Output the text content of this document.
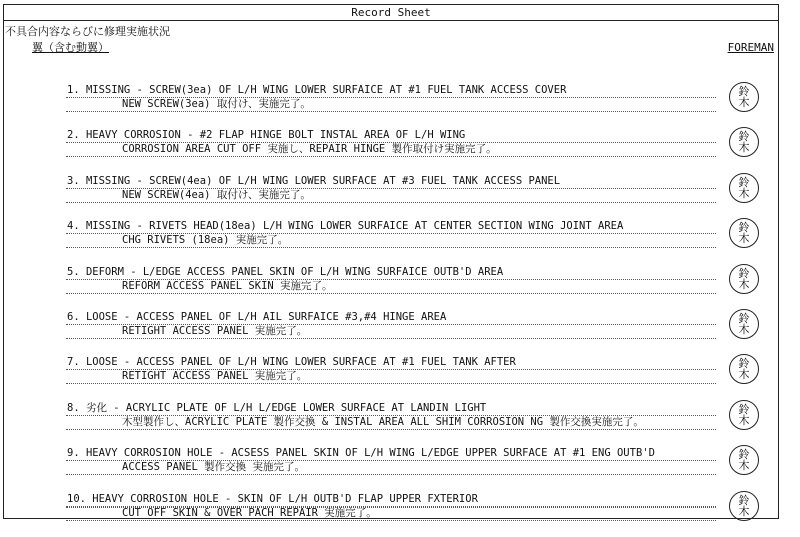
Record Sheet
不具合内容ならびに修理実施状況
翼（含む動翼）	FOREMAN
1. MISSING - SCREW(3ea) OF L/H WING LOWER SURFAICE AT #1 FUEL TANK ACCESS COVER
NEW SCREW(3ea) 取付け、実施完了。
鈴
木
2. HEAVY CORROSION - #2 FLAP HINGE BOLT INSTAL AREA OF L/H WING
CORROSION AREA CUT OFF 実施し、REPAIR HINGE 製作取付け実施完了。
鈴
木
3. MISSING - SCREW(4ea) OF L/H WING LOWER SURFACE AT #3 FUEL TANK ACCESS PANEL
NEW SCREW(4ea) 取付け、実施完了。
鈴
木
4. MISSING - RIVETS HEAD(18ea) L/H WING LOWER SURFAICE AT CENTER SECTION WING JOINT AREA
CHG RIVETS (18ea) 実施完了。
鈴
木
5. DEFORM - L/EDGE ACCESS PANEL SKIN OF L/H WING SURFAICE OUTB'D AREA
REFORM ACCESS PANEL SKIN 実施完了。
鈴
木
6. LOOSE - ACCESS PANEL OF L/H AIL SURFAICE #3,#4 HINGE AREA
RETIGHT ACCESS PANEL 実施完了。
鈴
木
7. LOOSE - ACCESS PANEL OF L/H WING LOWER SURFACE AT #1 FUEL TANK AFTER
RETIGHT ACCESS PANEL 実施完了。
鈴
木
8. 劣化 - ACRYLIC PLATE OF L/H L/EDGE LOWER SURFACE AT LANDIN LIGHT
木型製作し、ACRYLIC PLATE 製作交換 & INSTAL AREA ALL SHIM CORROSION NG 製作交換実施完了。
鈴
木
9. HEAVY CORROSION HOLE - ACSESS PANEL SKIN OF L/H WING L/EDGE UPPER SURFACE AT #1 ENG OUTB'D
ACCESS PANEL 製作交換 実施完了。
鈴
木
10. HEAVY CORROSION HOLE - SKIN OF L/H OUTB'D FLAP UPPER FXTERIOR
CUT OFF SKIN & OVER PACH REPAIR 実施完了。
鈴
木
